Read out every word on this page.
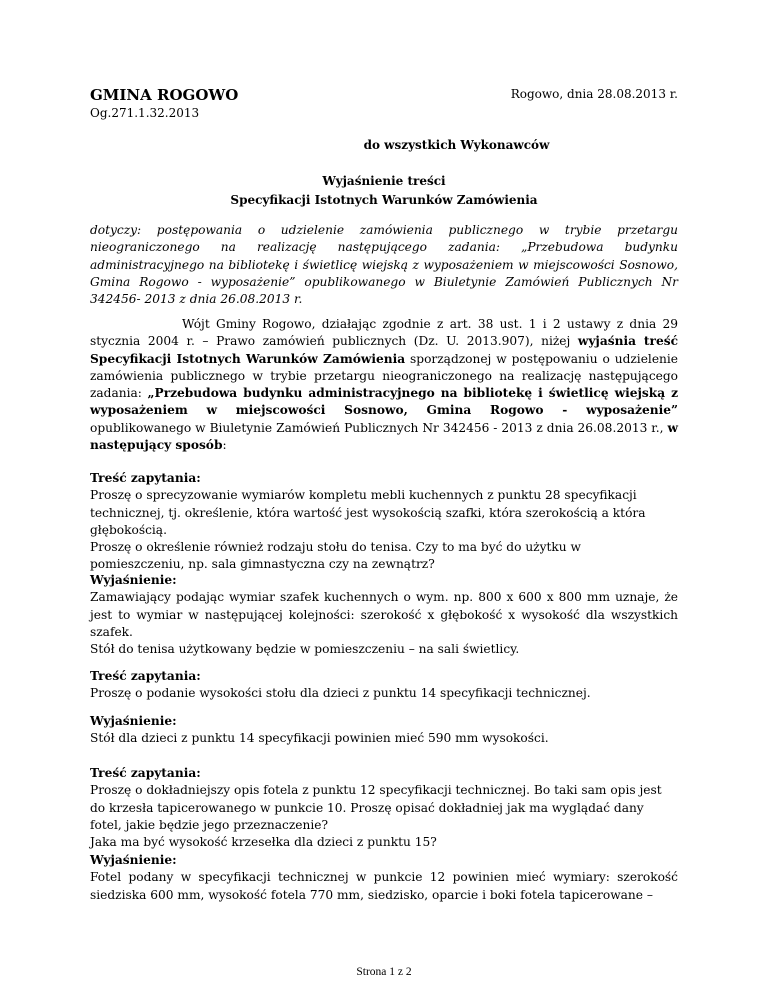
GMINA ROGOWO
Og.271.1.32.2013
Rogowo, dnia 28.08.2013 r.
do wszystkich Wykonawców
Wyjaśnienie treści
Specyfikacji Istotnych Warunków Zamówienia

dotyczy: postępowania o udzielenie zamówienia publicznego w trybie przetargu nieograniczonego na realizację następującego zadania: „Przebudowa budynku administracyjnego na bibliotekę i świetlicę wiejską z wyposażeniem w miejscowości Sosnowo, Gmina Rogowo - wyposażenie” opublikowanego w Biuletynie Zamówień Publicznych Nr 342456- 2013 z dnia 26.08.2013 r.

Wójt Gminy Rogowo, działając zgodnie z art. 38 ust. 1 i 2 ustawy z dnia 29 stycznia 2004 r. – Prawo zamówień publicznych (Dz. U. 2013.907), niżej wyjaśnia treść Specyfikacji Istotnych Warunków Zamówienia sporządzonej w postępowaniu o udzielenie zamówienia publicznego w trybie przetargu nieograniczonego na realizację następującego zadania: „Przebudowa budynku administracyjnego na bibliotekę i świetlicę wiejską z wyposażeniem w miejscowości Sosnowo, Gmina Rogowo - wyposażenie” opublikowanego w Biuletynie Zamówień Publicznych Nr 342456 - 2013 z dnia 26.08.2013 r., w następujący sposób:

Treść zapytania:

Proszę o sprecyzowanie wymiarów kompletu mebli kuchennych z punktu 28 specyfikacji technicznej, tj. określenie, która wartość jest wysokością szafki, która szerokością a która głębokością.

Proszę o określenie również rodzaju stołu do tenisa. Czy to ma być do użytku w pomieszczeniu, np. sala gimnastyczna czy na zewnątrz?

Wyjaśnienie:

Zamawiający podając wymiar szafek kuchennych o wym. np. 800 x 600 x 800 mm uznaje, że jest to wymiar w następującej kolejności: szerokość x głębokość x wysokość dla wszystkich szafek.

Stół do tenisa użytkowany będzie w pomieszczeniu – na sali świetlicy.

Treść zapytania:

Proszę o podanie wysokości stołu dla dzieci z punktu 14 specyfikacji technicznej.

Wyjaśnienie:

Stół dla dzieci z punktu 14 specyfikacji powinien mieć 590 mm wysokości.

Treść zapytania:

Proszę o dokładniejszy opis fotela z punktu 12 specyfikacji technicznej. Bo taki sam opis jest do krzesła tapicerowanego w punkcie 10. Proszę opisać dokładniej jak ma wyglądać dany fotel, jakie będzie jego przeznaczenie?

Jaka ma być wysokość krzesełka dla dzieci z punktu 15?

Wyjaśnienie:

Fotel podany w specyfikacji technicznej w punkcie 12 powinien mieć wymiary: szerokość siedziska 600 mm, wysokość fotela 770 mm, siedzisko, oparcie i boki fotela tapicerowane –

Strona 1 z 2
